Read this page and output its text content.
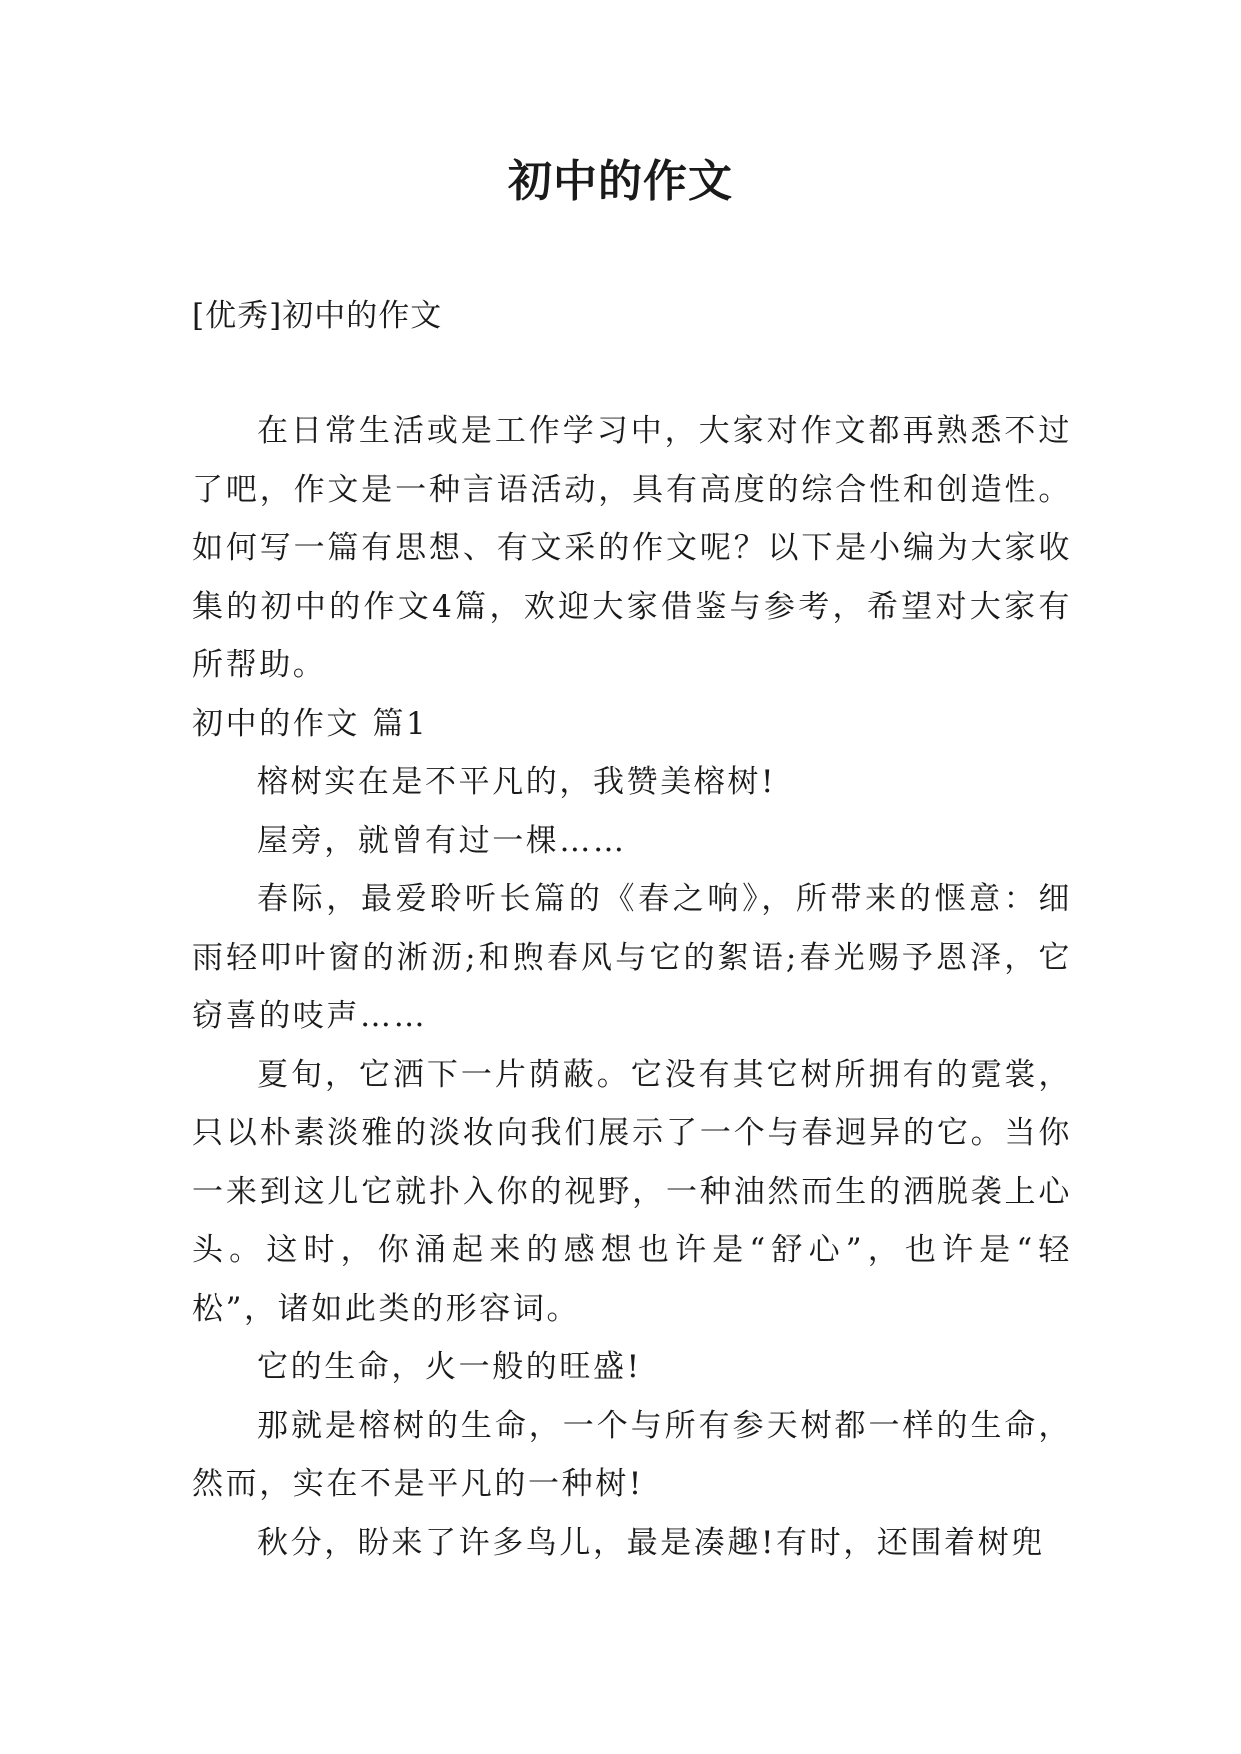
初中的作文
[优秀]初中的作文

在日常生活或是工作学习中，大家对作文都再熟悉不过了吧，作文是一种言语活动，具有高度的综合性和创造性。如何写一篇有思想、有文采的作文呢？以下是小编为大家收集的初中的作文4篇，欢迎大家借鉴与参考，希望对大家有所帮助。

初中的作文 篇1

榕树实在是不平凡的，我赞美榕树!

屋旁，就曾有过一棵……

春际，最爱聆听长篇的《春之响》，所带来的惬意：细雨轻叩叶窗的淅沥;和煦春风与它的絮语;春光赐予恩泽，它窃喜的吱声……

夏旬，它洒下一片荫蔽。它没有其它树所拥有的霓裳，只以朴素淡雅的淡妆向我们展示了一个与春迥异的它。当你一来到这儿它就扑入你的视野，一种油然而生的洒脱袭上心头。这时，你涌起来的感想也许是“舒心”，也许是“轻松”，诸如此类的形容词。

它的生命，火一般的旺盛!

那就是榕树的生命，一个与所有参天树都一样的生命，然而，实在不是平凡的一种树!

秋分，盼来了许多鸟儿，最是凑趣!有时，还围着树兜
